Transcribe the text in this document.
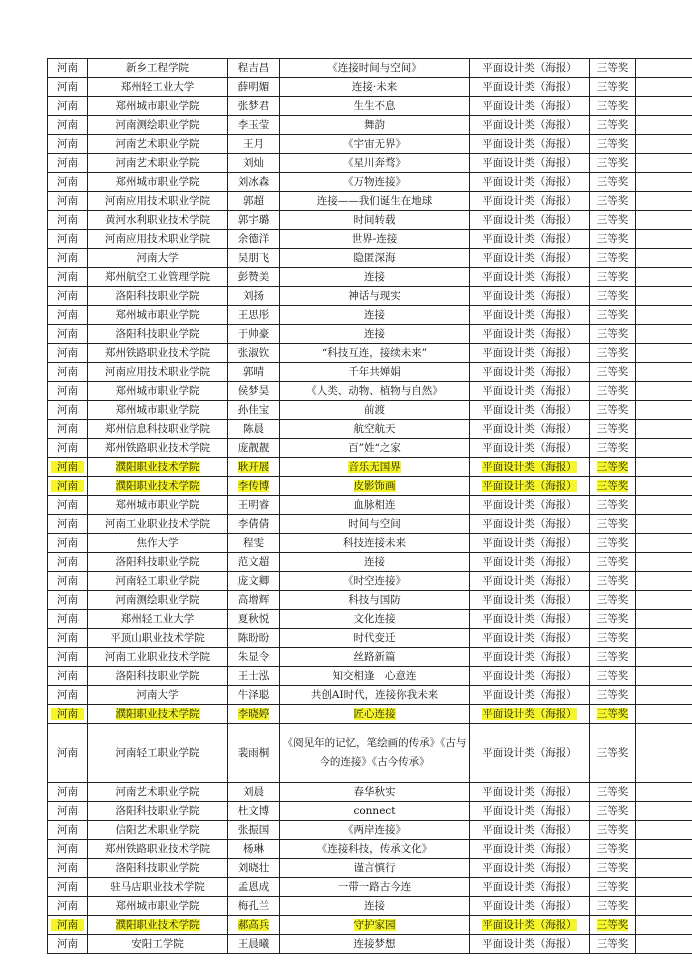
河南	新乡工程学院	程吉昌	《连接时间与空间》	平面设计类（海报）	三等奖	
河南	郑州轻工业大学	薛明媚	连接·未来	平面设计类（海报）	三等奖	
河南	郑州城市职业学院	张梦君	生生不息	平面设计类（海报）	三等奖	
河南	河南测绘职业学院	李玉莹	舞韵	平面设计类（海报）	三等奖	
河南	河南艺术职业学院	王月	《宇宙无界》	平面设计类（海报）	三等奖	
河南	河南艺术职业学院	刘灿	《星川奔骛》	平面设计类（海报）	三等奖	
河南	郑州城市职业学院	刘冰森	《万物连接》	平面设计类（海报）	三等奖	
河南	河南应用技术职业学院	郭超	连接——我们诞生在地球	平面设计类（海报）	三等奖	
河南	黄河水利职业技术学院	郭宇璐	时间转载	平面设计类（海报）	三等奖	
河南	河南应用技术职业学院	余德洋	世界-连接	平面设计类（海报）	三等奖	
河南	河南大学	吴朋飞	隐匿深海	平面设计类（海报）	三等奖	
河南	郑州航空工业管理学院	彭赞美	连接	平面设计类（海报）	三等奖	
河南	洛阳科技职业学院	刘扬	神话与现实	平面设计类（海报）	三等奖	
河南	郑州城市职业学院	王思彤	连接	平面设计类（海报）	三等奖	
河南	洛阳科技职业学院	于帅豪	连接	平面设计类（海报）	三等奖	
河南	郑州铁路职业技术学院	张淑钦	“科技互连，接续未来”	平面设计类（海报）	三等奖	
河南	河南应用技术职业学院	郭晴	千年共婵娟	平面设计类（海报）	三等奖	
河南	郑州城市职业学院	侯梦昊	《人类、动物、植物与自然》	平面设计类（海报）	三等奖	
河南	郑州城市职业学院	孙佳宝	前渡	平面设计类（海报）	三等奖	
河南	郑州信息科技职业学院	陈晨	航空航天	平面设计类（海报）	三等奖	
河南	郑州铁路职业技术学院	庞靓靓	百”姓“之家	平面设计类（海报）	三等奖	
河南	濮阳职业技术学院	耿开展	音乐无国界	平面设计类（海报）	三等奖	
河南	濮阳职业技术学院	李传博	皮影饰画	平面设计类（海报）	三等奖	
河南	郑州城市职业学院	王明睿	血脉相连	平面设计类（海报）	三等奖	
河南	河南工业职业技术学院	李倩倩	时间与空间	平面设计类（海报）	三等奖	
河南	焦作大学	程雯	科技连接未来	平面设计类（海报）	三等奖	
河南	洛阳科技职业学院	范文超	连接	平面设计类（海报）	三等奖	
河南	河南轻工职业学院	庞文卿	《时空连接》	平面设计类（海报）	三等奖	
河南	河南测绘职业学院	高增辉	科技与国防	平面设计类（海报）	三等奖	
河南	郑州轻工业大学	夏秋悦	文化连接	平面设计类（海报）	三等奖	
河南	平顶山职业技术学院	陈盼盼	时代变迁	平面设计类（海报）	三等奖	
河南	河南工业职业技术学院	朱显令	丝路新篇	平面设计类（海报）	三等奖	
河南	洛阳科技职业学院	王士泓	知交相逢　心意连	平面设计类（海报）	三等奖	
河南	河南大学	牛泽聪	共创AI时代，连接你我未来	平面设计类（海报）	三等奖	
河南	濮阳职业技术学院	李晓婷	匠心连接	平面设计类（海报）	三等奖	
河南	河南轻工职业学院	裴雨桐	《阅见年的记忆，笔绘画的传承》《古与今的连接》《古今传承》	平面设计类（海报）	三等奖	
河南	河南艺术职业学院	刘晨	春华秋实	平面设计类（海报）	三等奖	
河南	洛阳科技职业学院	杜文博	connect	平面设计类（海报）	三等奖	
河南	信阳艺术职业学院	张振国	《两岸连接》	平面设计类（海报）	三等奖	
河南	郑州铁路职业技术学院	杨琳	《连接科技，传承文化》	平面设计类（海报）	三等奖	
河南	洛阳科技职业学院	刘晓壮	谨言慎行	平面设计类（海报）	三等奖	
河南	驻马店职业技术学院	孟恩成	一带一路古今连	平面设计类（海报）	三等奖	
河南	郑州城市职业学院	梅孔兰	连接	平面设计类（海报）	三等奖	
河南	濮阳职业技术学院	郝高兵	守护家园	平面设计类（海报）	三等奖	
河南	安阳工学院	王晨曦	连接梦想	平面设计类（海报）	三等奖	
